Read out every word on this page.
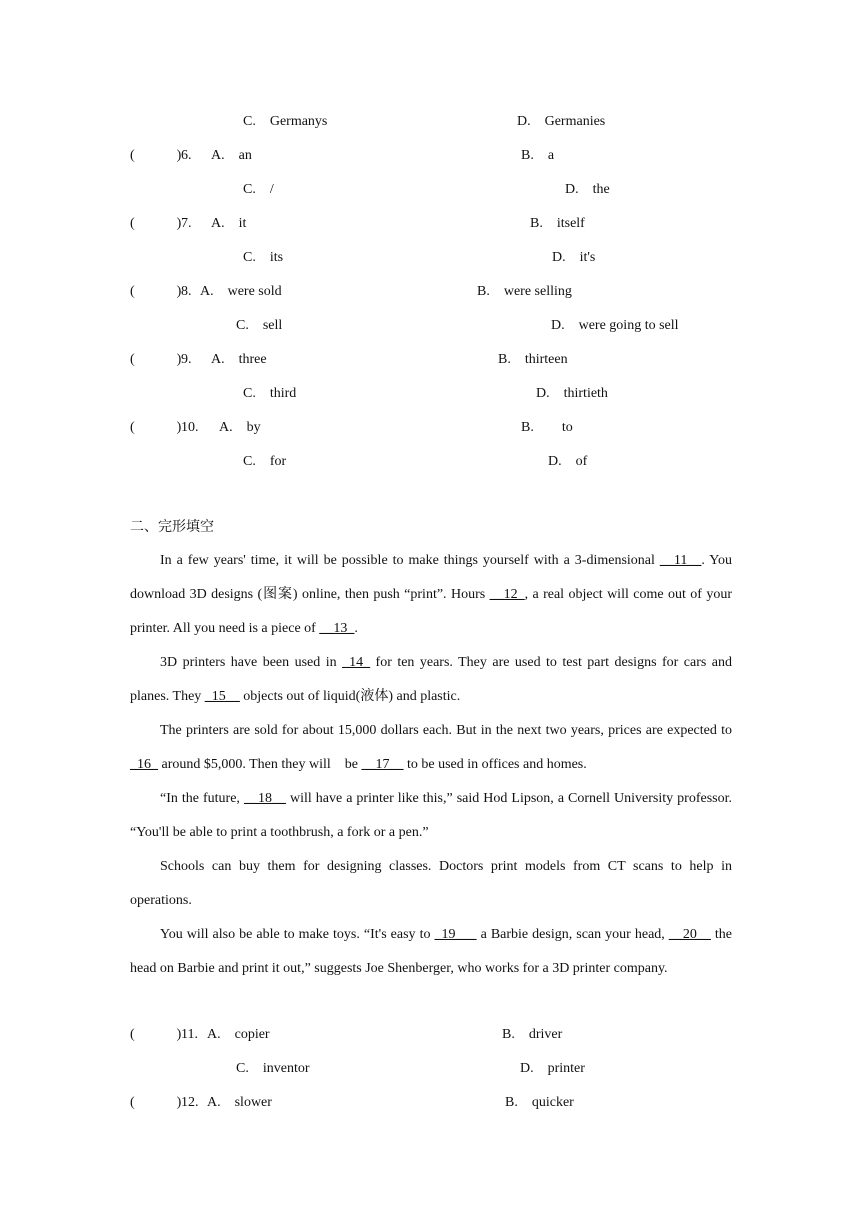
C.　Germanys	D.　Germanies
(　　　) 6. A.　an	B.　a
C.　/	D.　the
(　　　) 7. A.　it	B.　itself
C.　its	D.　it's
(　　　) 8. A.　were sold	B.　were selling
C.　sell	D.　were going to sell
(　　　) 9. A.　three	B.　thirteen
C.　third	D.　thirtieth
(　　　) 10. A.　by	B.　　to
C.　for	D.　of
二、完形填空
In a few years' time, it will be possible to make things yourself with a 3-dimensional __11__. You download 3D designs (图案) online, then push “print”. Hours __12_, a real object will come out of your printer. All you need is a piece of __13_.
3D printers have been used in _14_ for ten years. They are used to test part designs for cars and planes. They _15__ objects out of liquid(液体) and plastic.
The printers are sold for about 15,000 dollars each. But in the next two years, prices are expected to _16_ around $5,000. Then they will　be __17__ to be used in offices and homes.
“In the future, __18__ will have a printer like this,” said Hod Lipson, a Cornell University professor. “You'll be able to print a toothbrush, a fork or a pen.”
Schools can buy them for designing classes. Doctors print models from CT scans to help in operations.
You will also be able to make toys. “It's easy to _19___ a Barbie design, scan your head, __20__ the head on Barbie and print it out,” suggests Joe Shenberger, who works for a 3D printer company.
(　　　) 11. A.　copier	B.　driver
C.　inventor	D.　printer
(　　　) 12. A.　slower	B.　quicker
